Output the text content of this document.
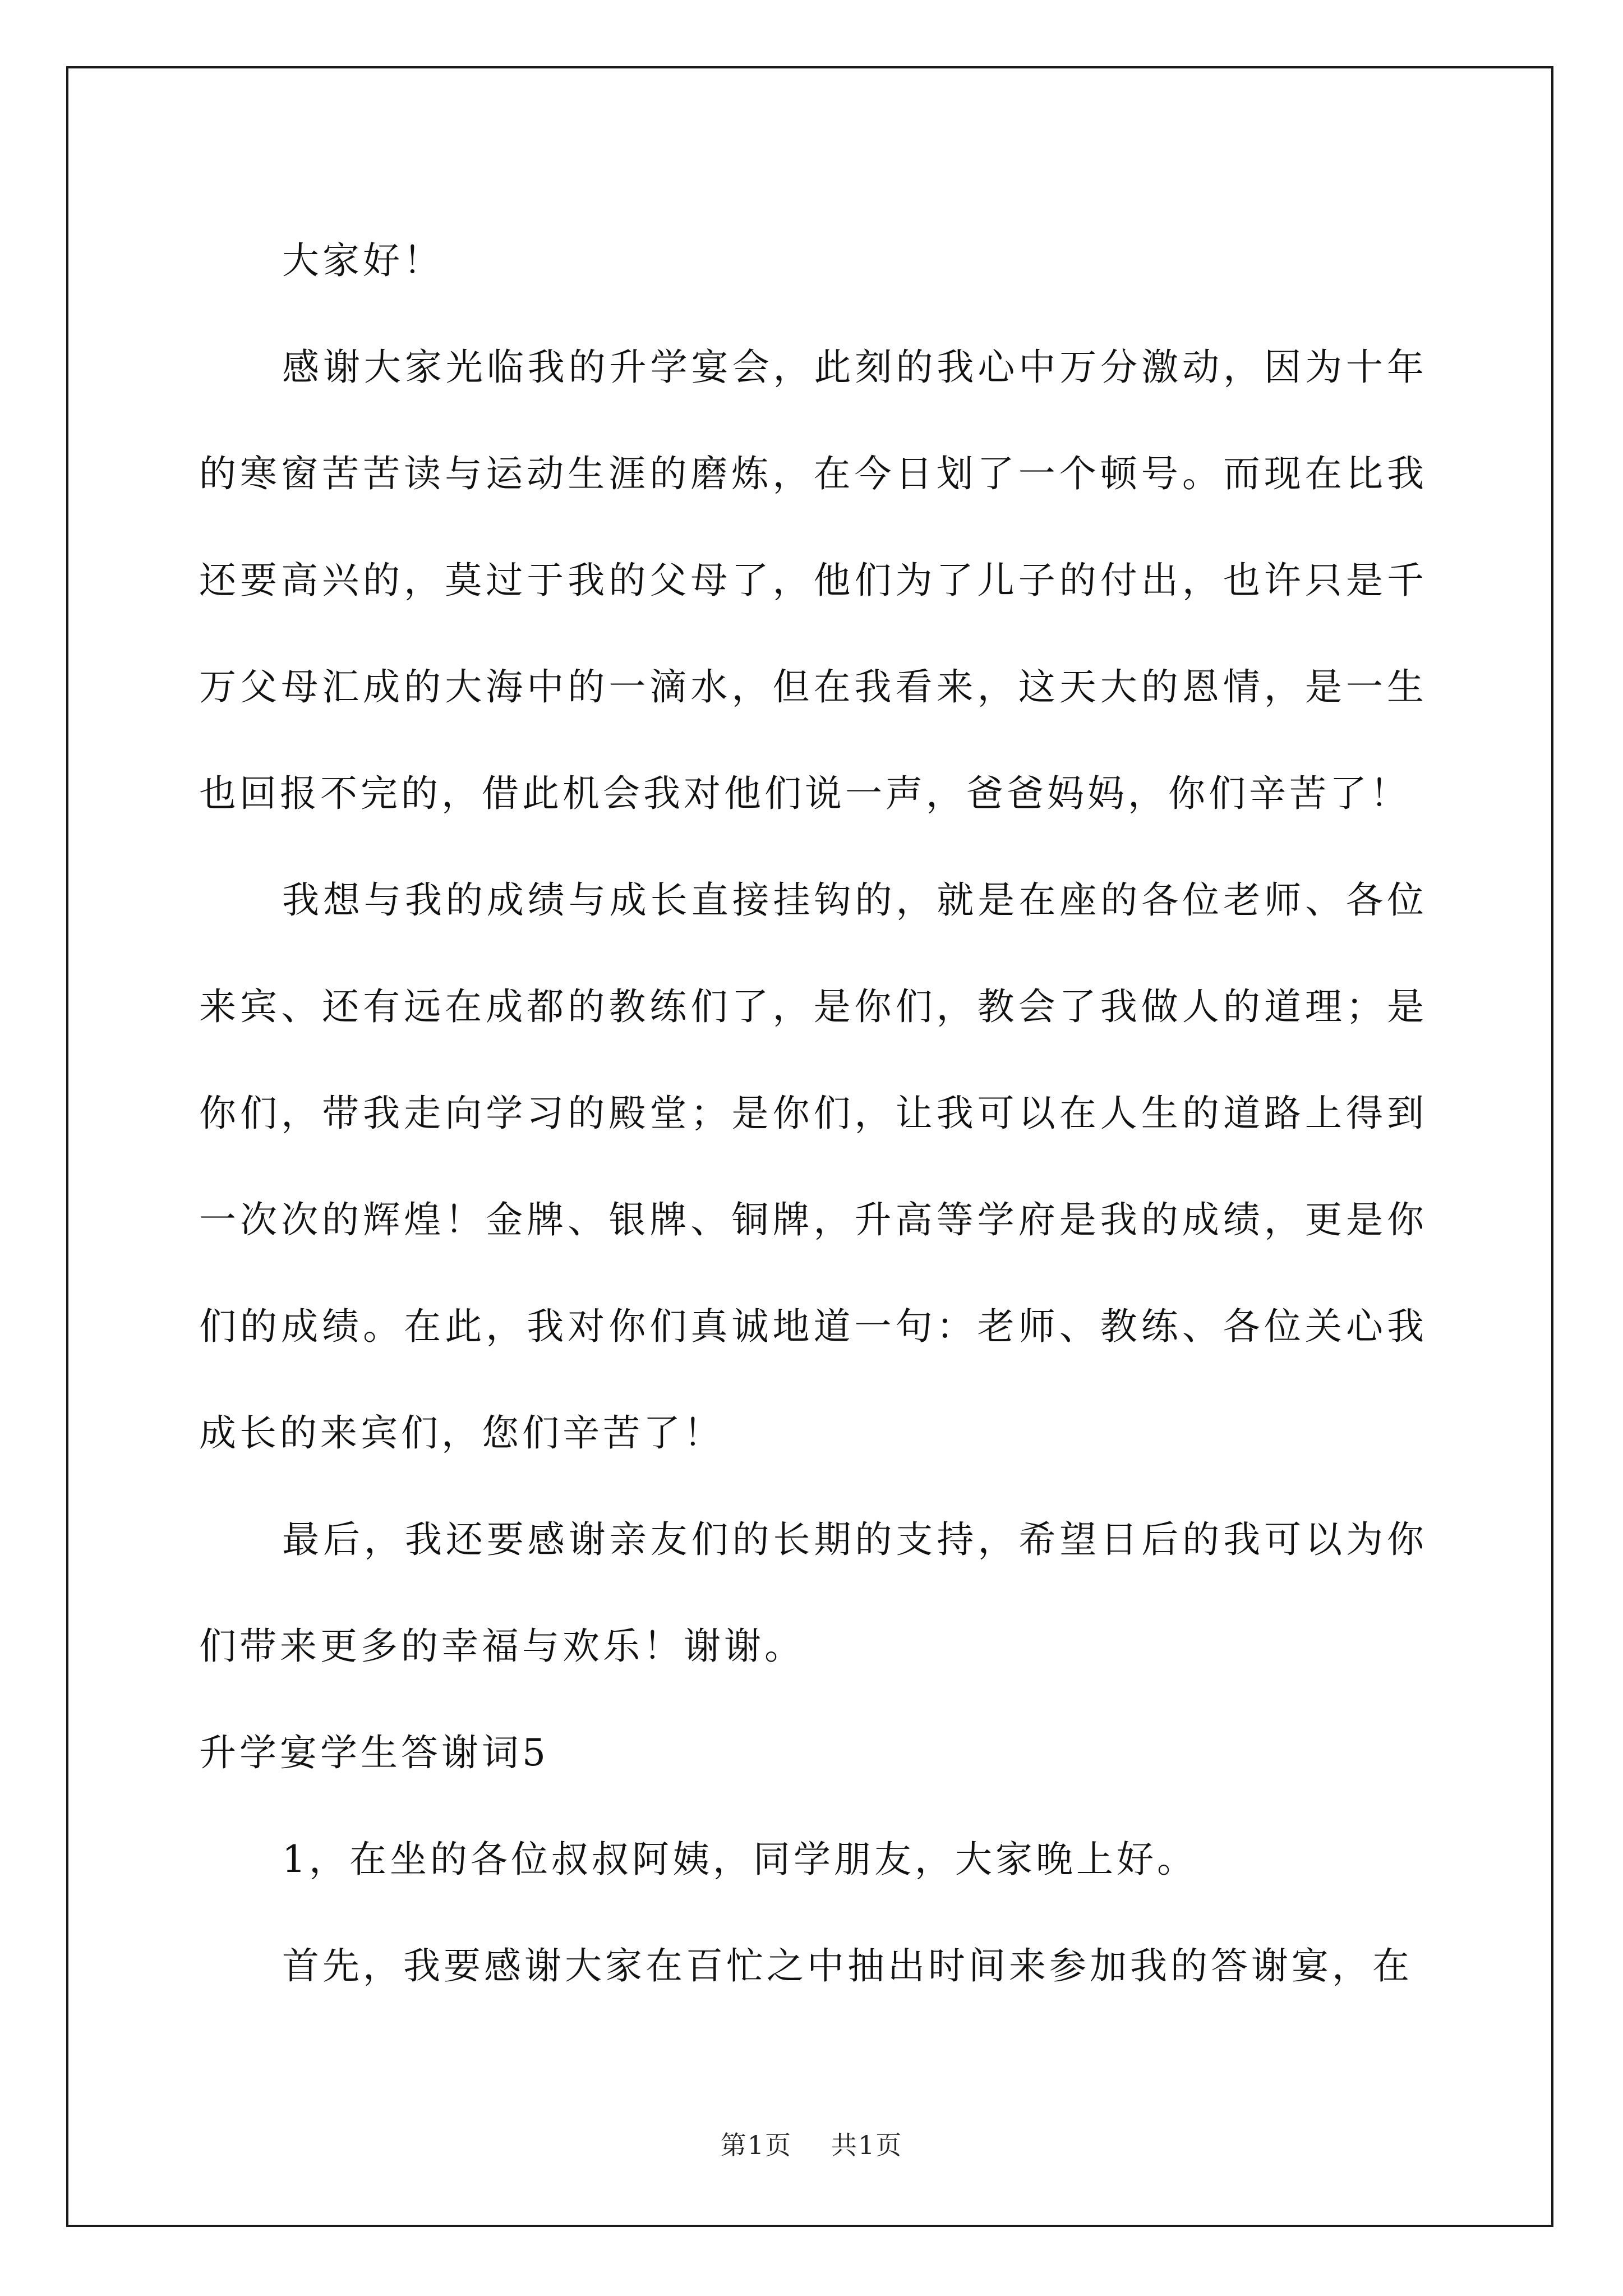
大家好！

感谢大家光临我的升学宴会，此刻的我心中万分激动，因为十年的寒窗苦苦读与运动生涯的磨炼，在今日划了一个顿号。而现在比我还要高兴的，莫过于我的父母了，他们为了儿子的付出，也许只是千万父母汇成的大海中的一滴水，但在我看来，这天大的恩情，是一生也回报不完的，借此机会我对他们说一声，爸爸妈妈，你们辛苦了！

我想与我的成绩与成长直接挂钩的，就是在座的各位老师、各位来宾、还有远在成都的教练们了，是你们，教会了我做人的道理；是你们，带我走向学习的殿堂；是你们，让我可以在人生的道路上得到一次次的辉煌！金牌、银牌、铜牌，升高等学府是我的成绩，更是你们的成绩。在此，我对你们真诚地道一句：老师、教练、各位关心我成长的来宾们，您们辛苦了！

最后，我还要感谢亲友们的长期的支持，希望日后的我可以为你们带来更多的幸福与欢乐！谢谢。

升学宴学生答谢词5

1，在坐的各位叔叔阿姨，同学朋友，大家晚上好。

首先，我要感谢大家在百忙之中抽出时间来参加我的答谢宴，在

第1页 共1页
